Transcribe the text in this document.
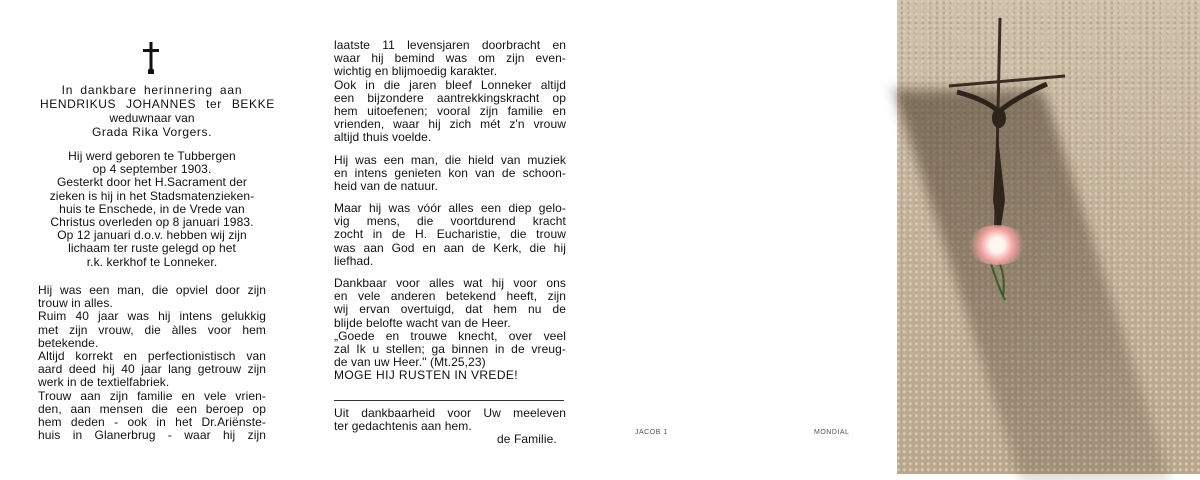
In dankbare herinnering aan
HENDRIKUS JOHANNES ter BEKKE
weduwnaar van
Grada Rika Vorgers.
Hij werd geboren te Tubbergen
op 4 september 1903.
Gesterkt door het H.Sacrament der
zieken is hij in het Stadsmatenzieken-
huis te Enschede, in de Vrede van
Christus overleden op 8 januari 1983.
Op 12 januari d.o.v. hebben wij zijn
lichaam ter ruste gelegd op het
r.k. kerkhof te Lonneker.
Hij was een man, die opviel door zijn
trouw in alles.
Ruim 40 jaar was hij intens gelukkig
met zijn vrouw, die àlles voor hem
betekende.
Altijd korrekt en perfectionistisch van
aard deed hij 40 jaar lang getrouw zijn
werk in de textielfabriek.
Trouw aan zijn familie en vele vrien-
den, aan mensen die een beroep op
hem deden - ook in het Dr.Ariënste-
huis in Glanerbrug - waar hij zijn
laatste 11 levensjaren doorbracht en
waar hij bemind was om zijn even-
wichtig en blijmoedig karakter.
Ook in die jaren bleef Lonneker altijd
een bijzondere aantrekkingskracht op
hem uitoefenen; vooral zijn familie en
vrienden, waar hij zich mét z'n vrouw
altijd thuis voelde.
Hij was een man, die hield van muziek
en intens genieten kon van de schoon-
heid van de natuur.
Maar hij was vóór alles een diep gelo-
vig mens, die voortdurend kracht
zocht in de H. Eucharistie, die trouw
was aan God en aan de Kerk, die hij
liefhad.
Dankbaar voor alles wat hij voor ons
en vele anderen betekend heeft, zijn
wij ervan overtuigd, dat hem nu de
blijde belofte wacht van de Heer.
„Goede en trouwe knecht, over veel
zal Ik u stellen; ga binnen in de vreug-
de van uw Heer." (Mt.25,23)
MOGE HIJ RUSTEN IN VREDE!
Uit dankbaarheid voor Uw meeleven
ter gedachtenis aan hem.
de Familie.	JACOB 1	MONDIAL
